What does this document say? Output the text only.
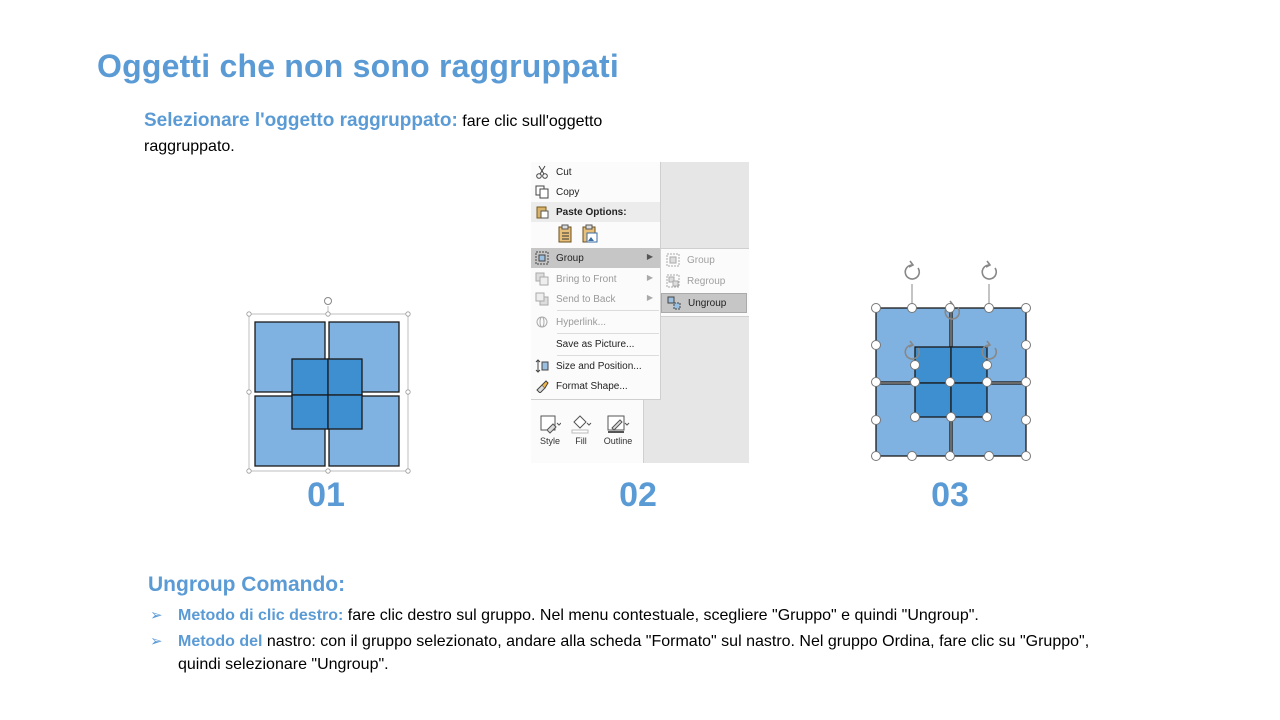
Oggetti che non sono raggruppati
Selezionare l'oggetto raggruppato: fare clic sull'oggetto raggruppato.
01
Cut
Copy
Paste Options:
Group	▶
Bring to Front	▶
Send to Back	▶
Hyperlink...
Save as Picture...
Size and Position...
Format Shape...
Group
Regroup
Ungroup
Style	Fill	Outline
02	03
Ungroup Comando:
➢ Metodo di clic destro: fare clic destro sul gruppo. Nel menu contestuale, scegliere "Gruppo" e quindi "Ungroup".
➢ Metodo del nastro: con il gruppo selezionato, andare alla scheda "Formato" sul nastro. Nel gruppo Ordina, fare clic su "Gruppo", quindi selezionare "Ungroup".
